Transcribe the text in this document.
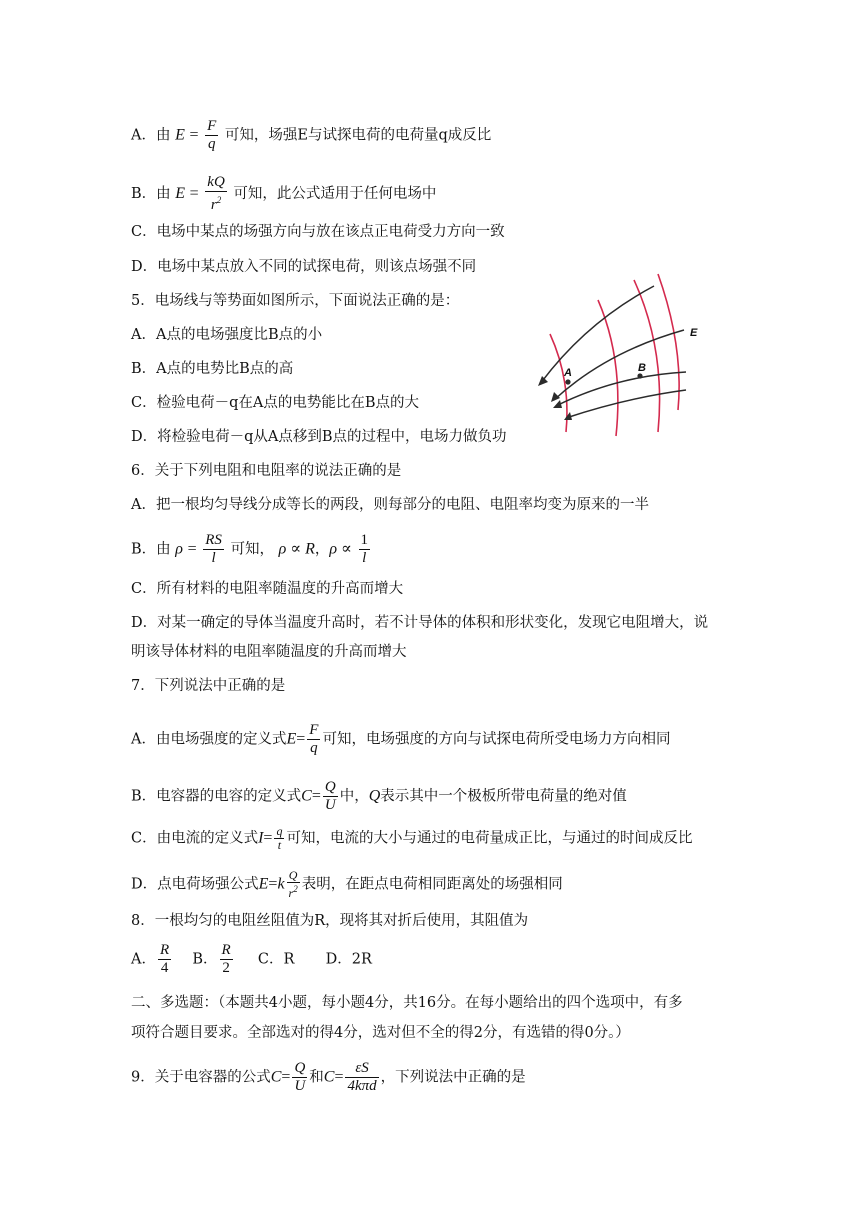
A．由 $E = \frac{F}{q}$ 可知，场强E与试探电荷的电荷量q成反比
B．由 $E = \frac{kQ}{r^2}$ 可知，此公式适用于任何电场中
C．电场中某点的场强方向与放在该点正电荷受力方向一致
D．电场中某点放入不同的试探电荷，则该点场强不同
5．电场线与等势面如图所示，下面说法正确的是：
A．A点的电场强度比B点的小
B．A点的电势比B点的高
C．检验电荷－q在A点的电势能比在B点的大
D．将检验电荷－q从A点移到B点的过程中，电场力做负功
A	B
E
6．关于下列电阻和电阻率的说法正确的是
A．把一根均匀导线分成等长的两段，则每部分的电阻、电阻率均变为原来的一半
B．由 $\rho = \frac{RS}{l}$ 可知， ρ ∝ R，$\rho \propto \frac{1}{l}$
C．所有材料的电阻率随温度的升高而增大
D．对某一确定的导体当温度升高时，若不计导体的体积和形状变化，发现它电阻增大，说
明该导体材料的电阻率随温度的升高而增大
7．下列说法中正确的是
A．由电场强度的定义式$E= \frac{F}{q}$ 可知，电场强度的方向与试探电荷所受电场力方向相同
B．电容器的电容的定义式$C= \frac{Q}{U}$ 中，Q表示其中一个极板所带电荷量的绝对值
C．由电流的定义式$I= \frac{q}{t}$ 可知，电流的大小与通过的电荷量成正比，与通过的时间成反比
D．点电荷场强公式$E=k \frac{Q}{r^2}$ 表明，在距点电荷相同距离处的场强相同
8．一根均匀的电阻丝阻值为R，现将其对折后使用，其阻值为
A． $\frac{R}{4}$ B． $\frac{R}{2}$ C．R D．2R
二、多选题：（本题共4小题，每小题4分，共16分。在每小题给出的四个选项中，有多
项符合题目要求。全部选对的得4分，选对但不全的得2分，有选错的得0分。）
9．关于电容器的公式$C= \frac{Q}{U}$ 和$C= \frac{\varepsilon S}{\text{4kπd}}$ ，下列说法中正确的是
